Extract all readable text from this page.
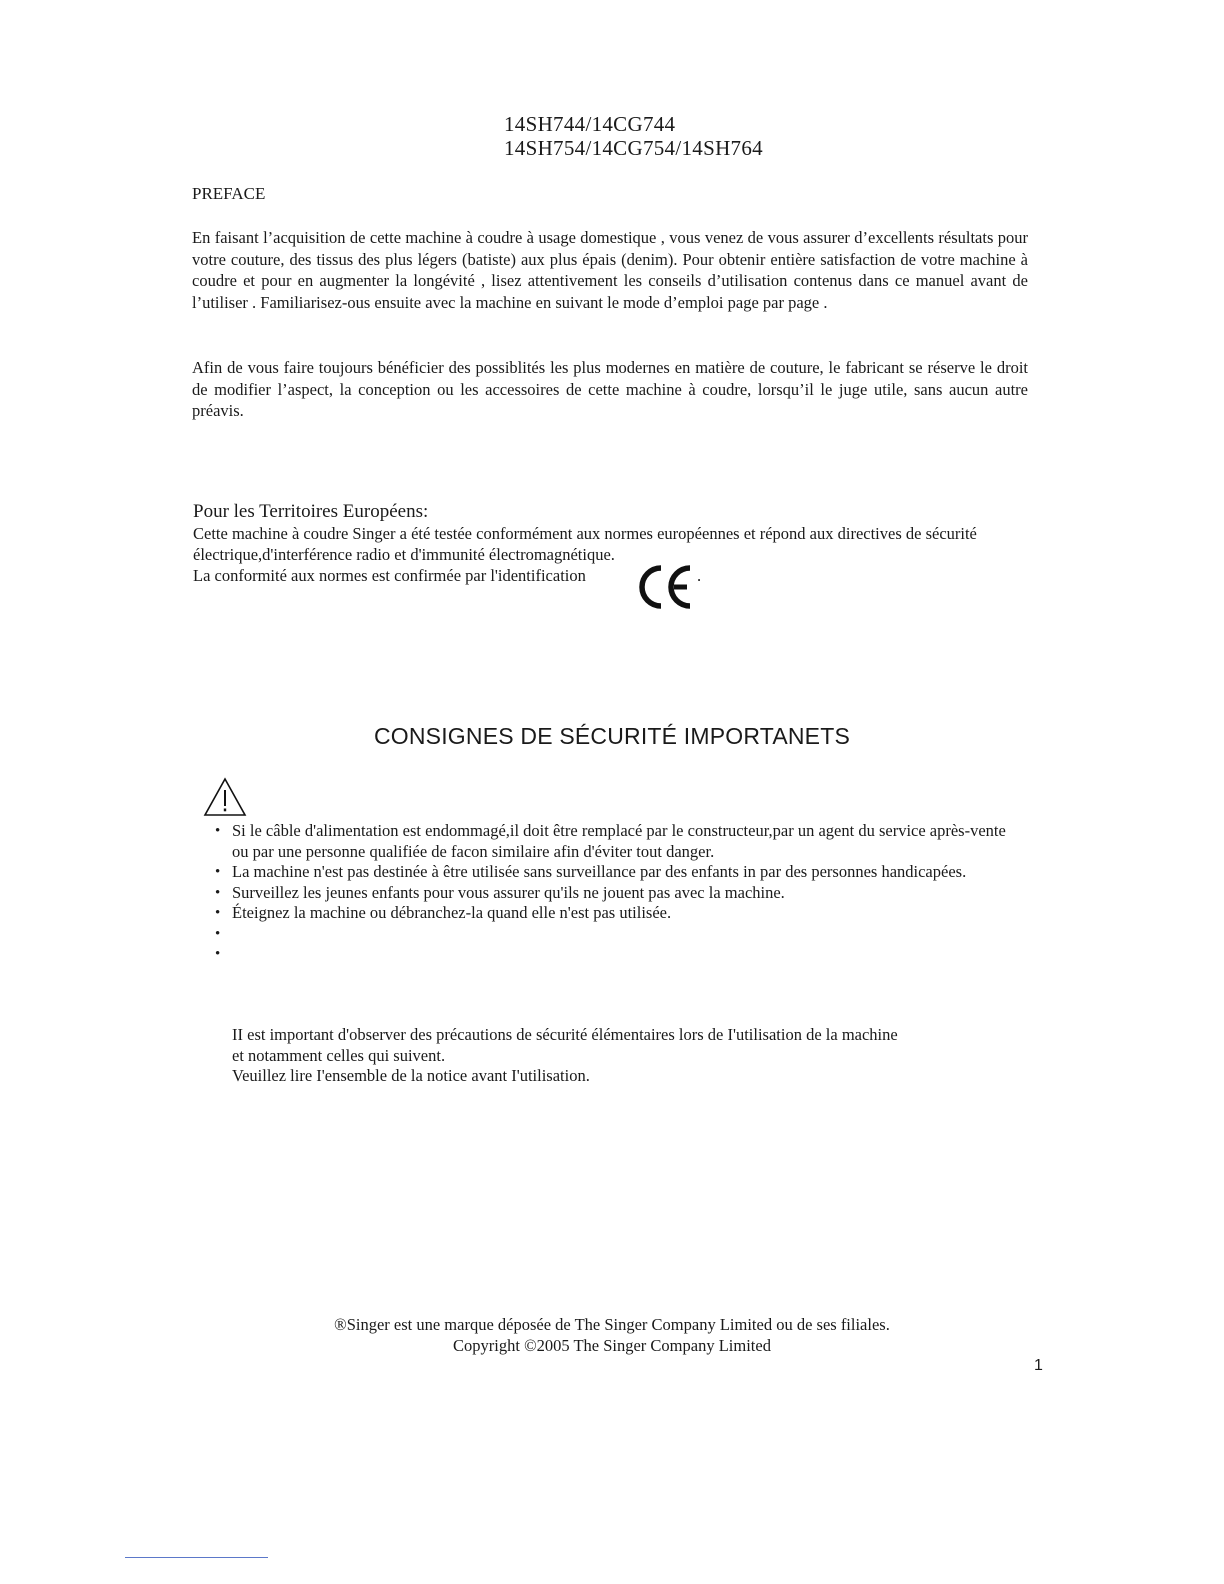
14SH744/14CG744
14SH754/14CG754/14SH764
PREFACE
En faisant l’acquisition de cette machine à coudre à usage domestique , vous venez de vous assurer d’excellents résultats pour votre couture, des tissus des plus légers (batiste) aux plus épais (denim). Pour obtenir entière satisfaction de votre machine à coudre et pour en augmenter la longévité , lisez attentivement les conseils d’utilisation contenus dans ce manuel avant de l’utiliser . Familiarisez-ous ensuite avec la machine en suivant le mode d’emploi page par page .
Afin de vous faire toujours bénéficier des possiblités les plus modernes en matière de couture, le fabricant se réserve le droit de modifier l’aspect, la conception ou les accessoires de cette machine à coudre, lorsqu’il le juge utile, sans aucun autre préavis.
Pour les Territoires Européens:
Cette machine à coudre Singer a été testée conformément aux normes européennes et répond aux directives de sécurité électrique,d'interférence radio et d'immunité électromagnétique.
La conformité aux normes est confirmée par l'identification	.
CONSIGNES DE SÉCURITÉ IMPORTANETS
• Si le câble d'alimentation est endommagé,il doit être remplacé par le constructeur,par un agent du service après-vente ou par une personne qualifiée de facon similaire afin d'éviter tout danger.
• La machine n'est pas destinée à être utilisée sans surveillance par des enfants in par des personnes handicapées.
• Surveillez les jeunes enfants pour vous assurer qu'ils ne jouent pas avec la machine.
• Éteignez la machine ou débranchez-la quand elle n'est pas utilisée.
•
•
II est important d'observer des précautions de sécurité élémentaires lors de I'utilisation de la machine
et notamment celles qui suivent.
Veuillez lire I'ensemble de la notice avant I'utilisation.
®Singer est une marque déposée de The Singer Company Limited ou de ses filiales.
Copyright ©2005 The Singer Company Limited
1
